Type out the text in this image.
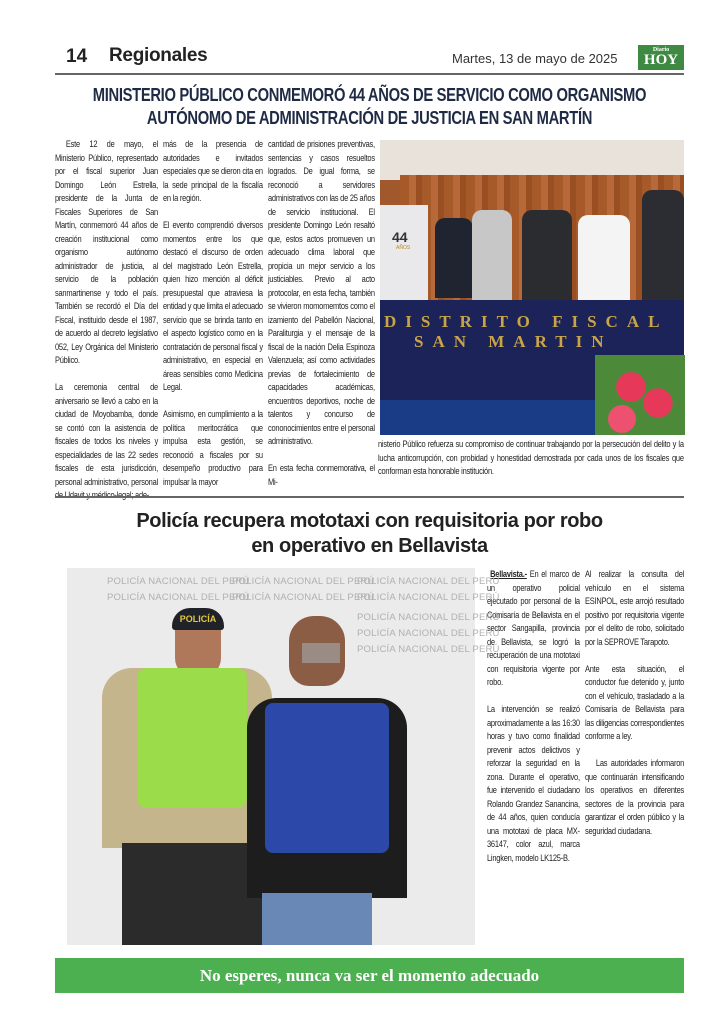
14 Regionales	Martes, 13 de mayo de 2025
Diario
HOY
MINISTERIO PÚBLICO CONMEMORÓ 44 AÑOS DE SERVICIO COMO ORGANISMO
AUTÓNOMO DE ADMINISTRACIÓN DE JUSTICIA EN SAN MARTÍN

Este 12 de mayo, el Ministerio Público, representado por el fiscal superior Juan Domingo León Estrella, presidente de la Junta de Fiscales Superiores de San Martín, conmemoró 44 años de creación institucional como organismo autónomo administrador de justicia, al servicio de la población sanmartinense y todo el país. También se recordó el Día del Fiscal, instituido desde el 1987, de acuerdo al decreto legislativo 052, Ley Orgánica del Ministerio Público.

La ceremonia central de aniversario se llevó a cabo en la ciudad de Moyobamba, donde se contó con la asistencia de fiscales de todos los niveles y especialidades de las 22 sedes fiscales de esta jurisdicción, personal administrativo, personal

más de la presencia de autoridades e invitados especiales que se dieron cita en la sede principal de la fiscalía en la región.

El evento comprendió diversos momentos entre los que destacó el discurso de orden del magistrado León Estrella, quien hizo mención al déficit presupuestal que atraviesa la entidad y que limita el adecuado servicio que se brinda tanto en el aspecto logístico como en la contratación de personal fiscal y administrativo, en especial en áreas sensibles como Medicina Legal.

Asimismo, en cumplimiento a la política meritocrática que impulsa esta gestión, se reconoció a fiscales por su desempeño productivo para impulsar la mayor

cantidad de prisiones preventivas, sentencias y casos resueltos logrados. De igual forma, se reconoció a servidores administrativos con las de 25 años de servicio institucional. El presidente Domingo León resaltó que, estos actos promueven un adecuado clima laboral que propicia un mejor servicio a los justiciables. Previo al acto protocolar, en esta fecha, también se vivieron momomemtos como el izamiento del Pabellón Nacional, Paraliturgia y el mensaje de la fiscal de la nación Delia Espinoza Valenzuela; así como actividades previas de fortalecimiento de capacidades académicas, encuentros deportivos, noche de talentos y concurso de cononocimientos entre el personal administrativo.

En esta fecha conmemorativa, el Mi-

44
AÑOS
DISTRITO FISCAL
SAN MARTIN
nisterio Público refuerza su compromiso de continuar trabajando por la persecución del delito y la lucha anticorrupción, con probidad y honestidad demostrada por cada unos de los fiscales que conforman esta honorable institución.
Policía recupera mototaxi con requisitoria por robo
en operativo en Bellavista
POLICÍA NACIONAL DEL PERÚ
POLICÍA NACIONAL DEL PERÚ
POLICÍA NACIONAL DEL PERÚ
POLICÍA NACIONAL DEL PERÚ
POLICÍA NACIONAL DEL PERÚ
POLICÍA NACIONAL DEL PERÚ
POLICÍA NACIONAL DEL PERÚ
POLICÍA NACIONAL DEL PERÚ
POLICÍA NACIONAL DEL PERÚ
POLICÍA

Bellavista.- En el marco de un operativo policial ejecutado por personal de la Comisaría de Bellavista en el sector Sangapilla, provincia de Bellavista, se logró la recuperación de una mototaxi con requisitoria vigente por robo.

La intervención se realizó aproximadamente a las 16:30 horas y tuvo como finalidad prevenir actos delictivos y reforzar la seguridad en la zona. Durante el operativo, fue intervenido el ciudadano Rolando Grandez Sanancina, de 44 años, quien conducía una mototaxi de placa MX-36147, color azul, marca Lingken, modelo LK125-B.

Al realizar la consulta del vehículo en el sistema ESINPOL, este arrojó resultado positivo por requisitoria vigente por el delito de robo, solicitado por la SEPROVE Tarapoto.

Ante esta situación, el conductor fue detenido y, junto con el vehículo, trasladado a la Comisaría de Bellavista para las diligencias correspondientes conforme a ley.

Las autoridades informaron que continuarán intensificando los operativos en diferentes sectores de la provincia para garantizar el orden público y la seguridad ciudadana.

No esperes, nunca va ser el momento adecuado
